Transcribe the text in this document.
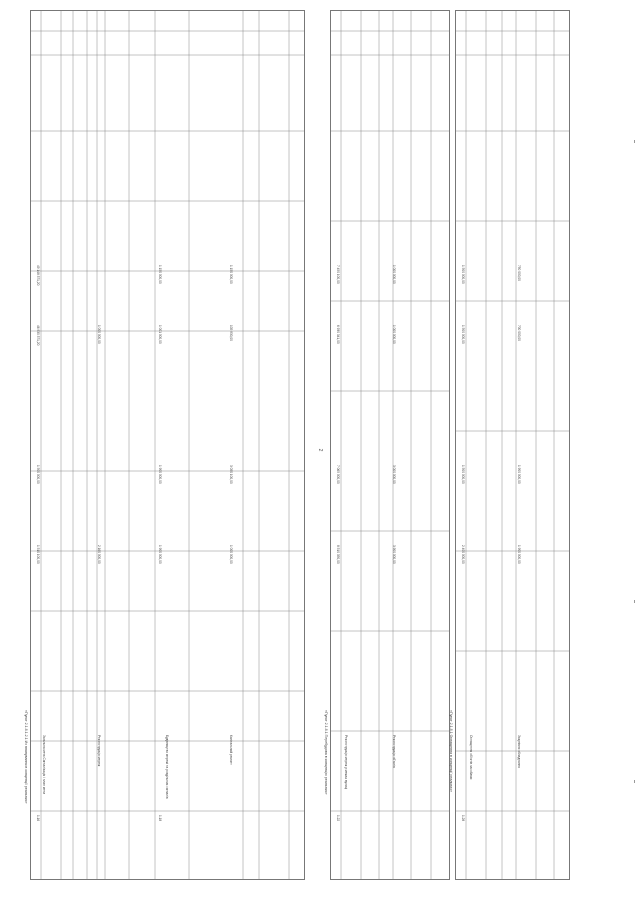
2
«Пункт 2.1.8.1.2.1 Из планування в концепції реальних»	«Пункт 2.1.8.1 Перебудова в концепцію реальних»	«Пункт 2.1.8.1 Оснащення в концепції реальних»
1.16
Загальна мета Сигналізація і план мети
1 510 100,00
1 500 000,00
46 930 371,20
49 148 371,20
Реконструкція мереж
2 160 000,00
1 000 000,00
1.18
Будівництво мережі та роздільних сигналів
1 900 000,00
1 900 000,00
1 001 000,00
1 150 000,00
Капітальний ремонт
1 000 000,00
3 050 100,00
105 930,00
1 150 000,00
1.22
Реконструкція мереж у межах вулиці
8 510 350,00
7 065 000,00
6 930 341,00
7 450 100,00
Реконструкція об'єктів
3 900 000,00
3 000 000,00
1 000 000,00
1 000 000,00
1.28
Оснащення об'єктів засобами
2 400 000,00
1 500 000,00
1 500 000,00
1 500 000,00
Закупівля обладнання
1 900 000,00
1 900 000,00
700 000,00
750 000,00
